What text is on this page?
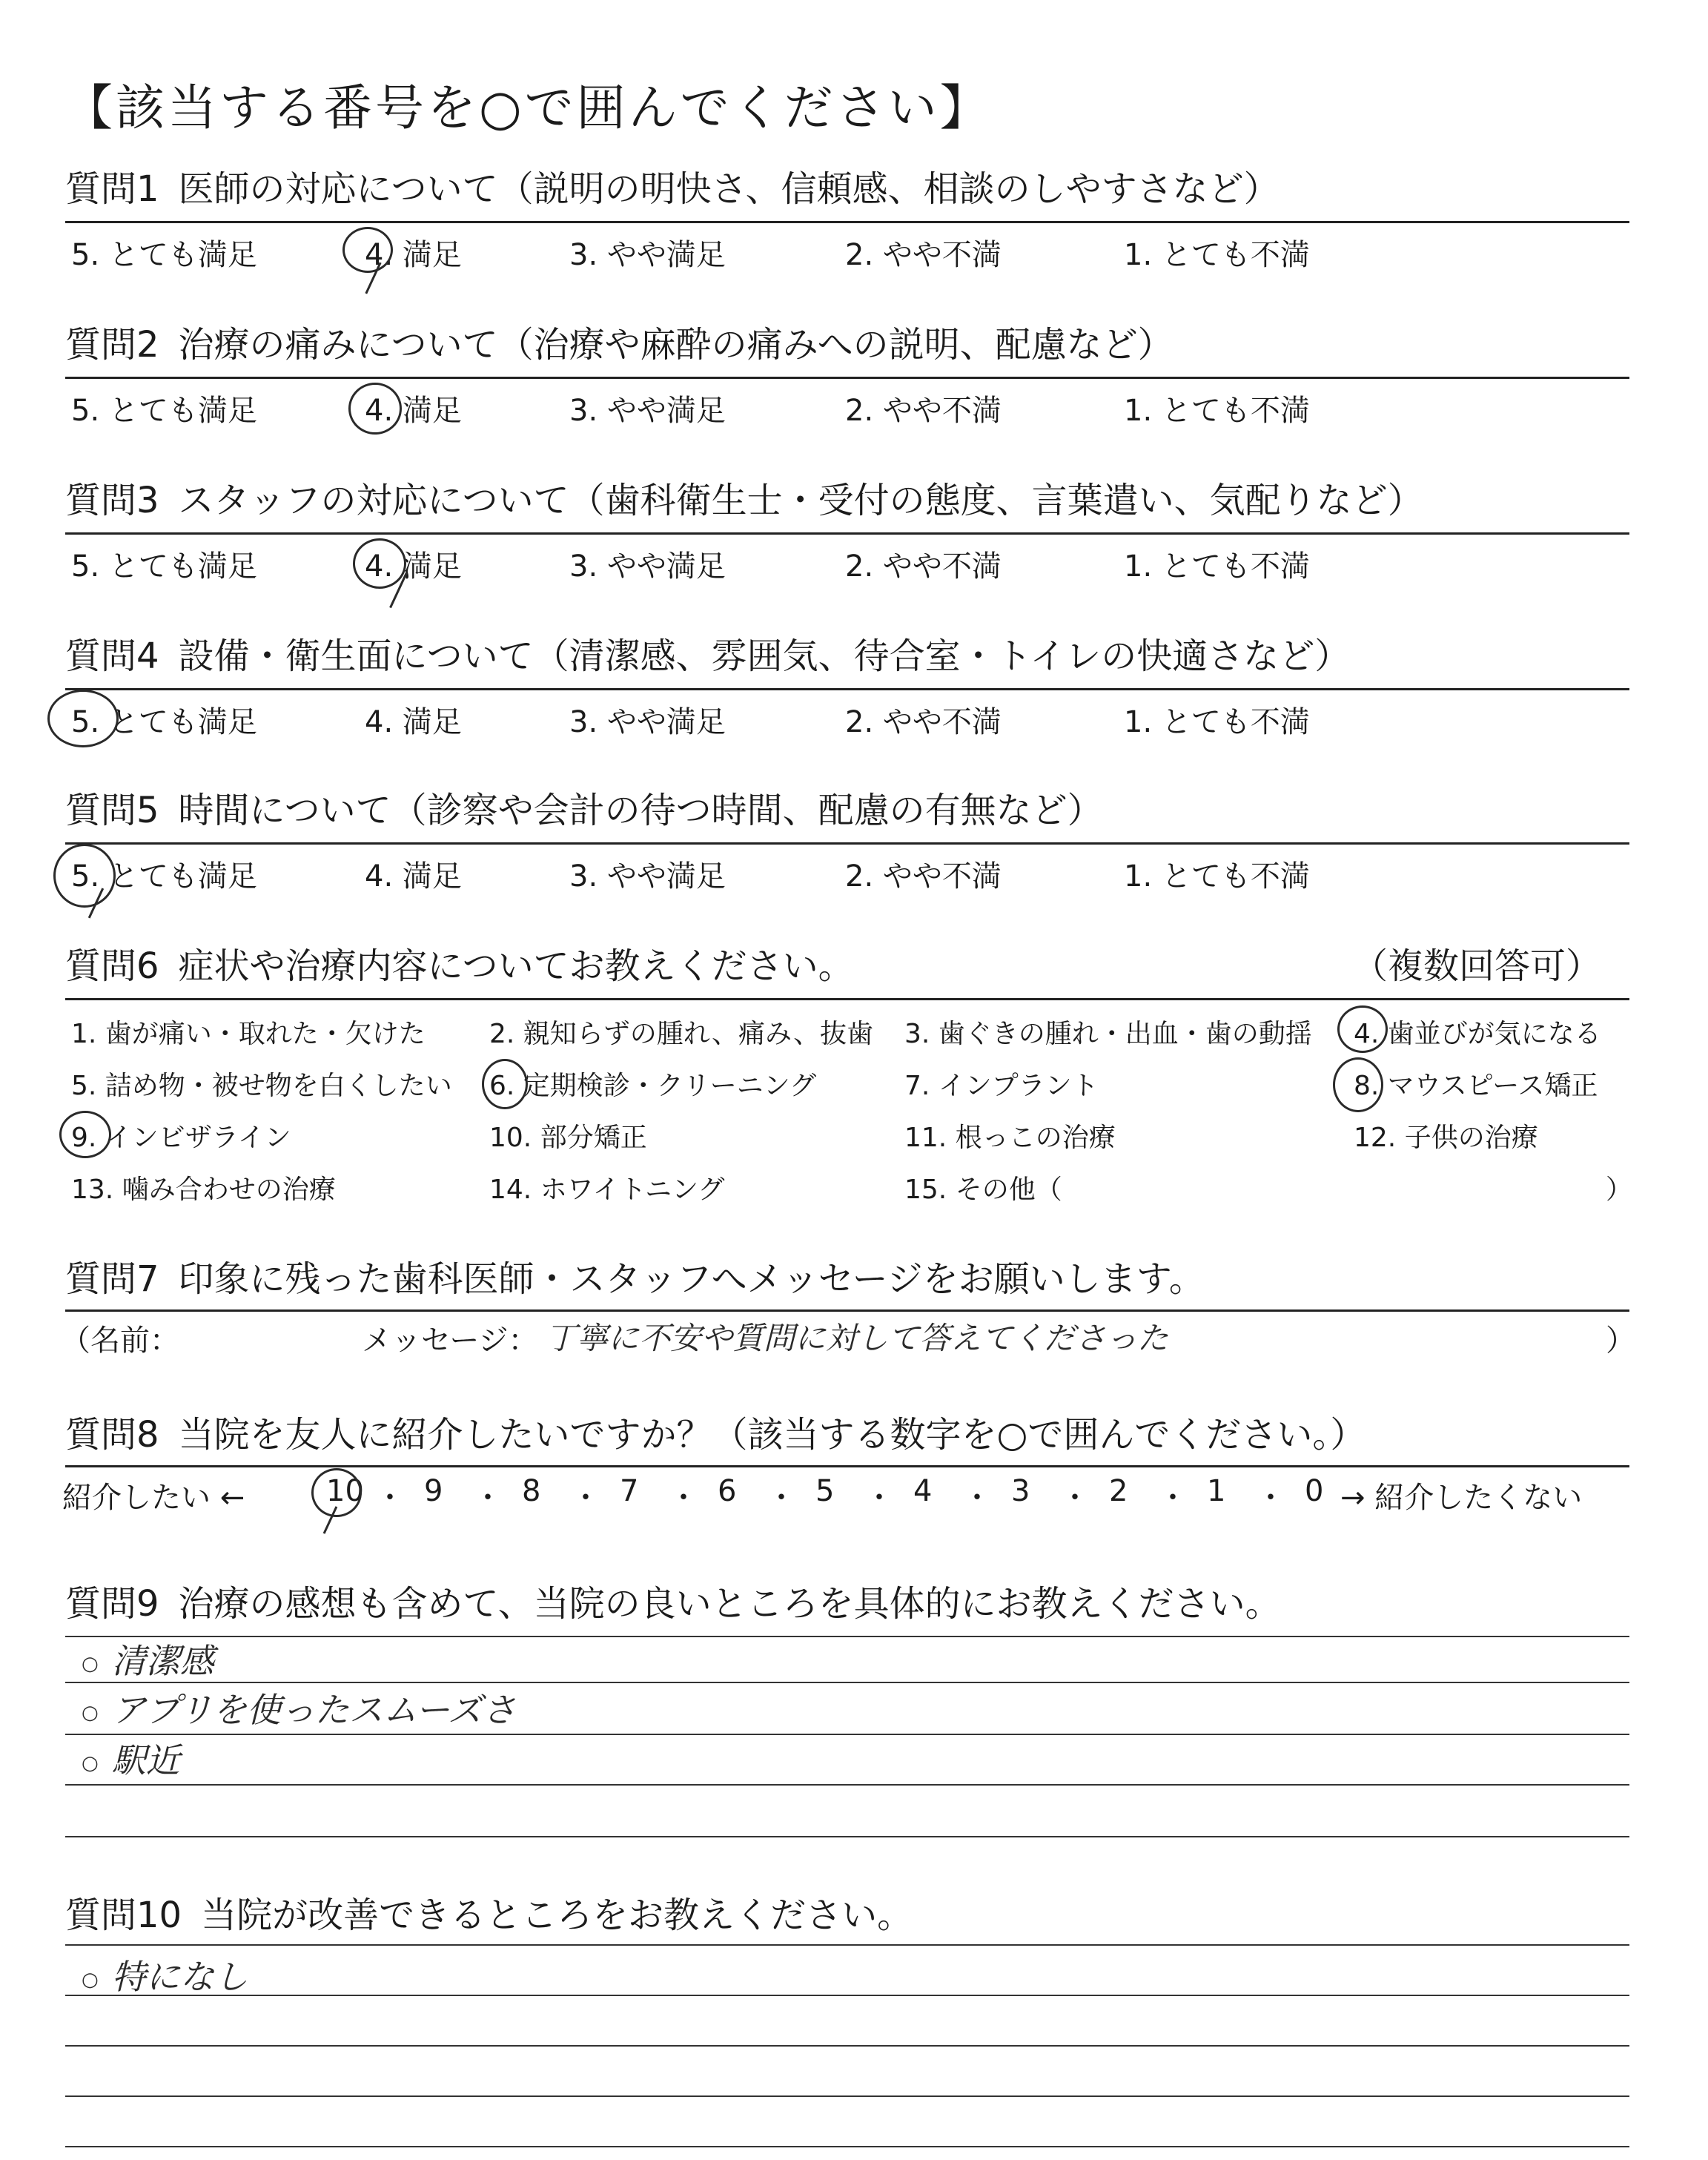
【該当する番号を○で囲んでください】
質問1 医師の対応について（説明の明快さ、信頼感、相談のしやすさなど）
5. とても満足	4. 満足	3. やや満足	2. やや不満	1. とても不満
質問2 治療の痛みについて（治療や麻酔の痛みへの説明、配慮など）
5. とても満足	4. 満足	3. やや満足	2. やや不満	1. とても不満
質問3 スタッフの対応について（歯科衛生士・受付の態度、言葉遣い、気配りなど）
5. とても満足	4. 満足	3. やや満足	2. やや不満	1. とても不満
質問4 設備・衛生面について（清潔感、雰囲気、待合室・トイレの快適さなど）
5. とても満足	4. 満足	3. やや満足	2. やや不満	1. とても不満
質問5 時間について（診察や会計の待つ時間、配慮の有無など）
5. とても満足	4. 満足	3. やや満足	2. やや不満	1. とても不満
質問6 症状や治療内容についてお教えください。	（複数回答可）
1. 歯が痛い・取れた・欠けた 2. 親知らずの腫れ、痛み、抜歯 3. 歯ぐきの腫れ・出血・歯の動揺 4. 歯並びが気になる
5. 詰め物・被せ物を白くしたい 6. 定期検診・クリーニング	7. インプラント	8. マウスピース矯正
9. インビザライン	10. 部分矯正	11. 根っこの治療	12. 子供の治療
13. 噛み合わせの治療	14. ホワイトニング	15. その他（	）
質問7 印象に残った歯科医師・スタッフへメッセージをお願いします。
（名前：	メッセージ： 丁寧に不安や質問に対して答えてくださった	）
質問8 当院を友人に紹介したいですか？（該当する数字を○で囲んでください。）
紹介したい ←	10 ・ 9 ・ 8 ・ 7 ・ 6 ・ 5 ・ 4 ・ 3 ・ 2 ・ 1 ・ 0 → 紹介したくない
質問9 治療の感想も含めて、当院の良いところを具体的にお教えください。
○ 清潔感
○ アプリを使ったスムーズさ
○ 駅近
質問10 当院が改善できるところをお教えください。
○ 特になし
